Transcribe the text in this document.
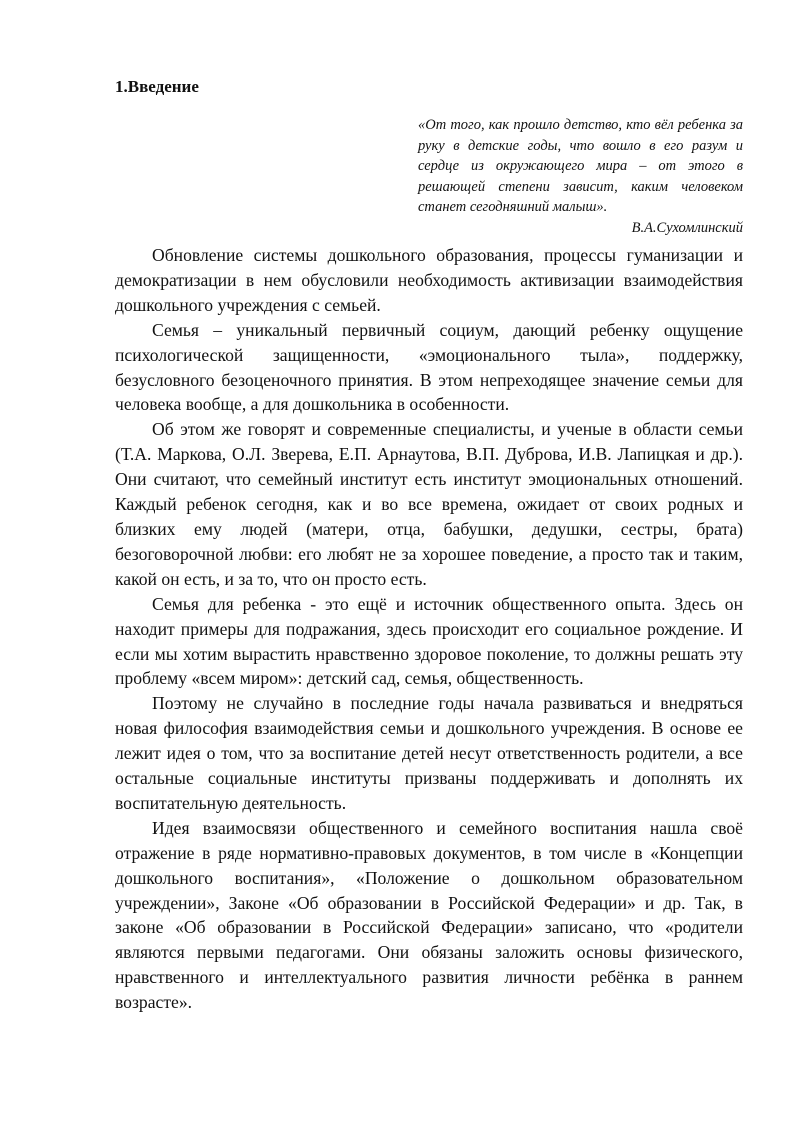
1.Введение

«От того, как прошло детство, кто вёл ребенка за руку в детские годы, что вошло в его разум и сердце из окружающего мира – от этого в решающей степени зависит, каким человеком станет сегодняшний малыш».

В.А.Сухомлинский

Обновление системы дошкольного образования, процессы гуманизации и демократизации в нем обусловили необходимость активизации взаимодействия дошкольного учреждения с семьей.

Семья – уникальный первичный социум, дающий ребенку ощущение психологической защищенности, «эмоционального тыла», поддержку, безусловного безоценочного принятия. В этом непреходящее значение семьи для человека вообще, а для дошкольника в особенности.

Об этом же говорят и современные специалисты, и ученые в области семьи (Т.А. Маркова, О.Л. Зверева, Е.П. Арнаутова, В.П. Дуброва, И.В. Лапицкая и др.). Они считают, что семейный институт есть институт эмоциональных отношений. Каждый ребенок сегодня, как и во все времена, ожидает от своих родных и близких ему людей (матери, отца, бабушки, дедушки, сестры, брата) безоговорочной любви: его любят не за хорошее поведение, а просто так и таким, какой он есть, и за то, что он просто есть.

Семья для ребенка - это ещё и источник общественного опыта. Здесь он находит примеры для подражания, здесь происходит его социальное рождение. И если мы хотим вырастить нравственно здоровое поколение, то должны решать эту проблему «всем миром»: детский сад, семья, общественность.

Поэтому не случайно в последние годы начала развиваться и внедряться новая философия взаимодействия семьи и дошкольного учреждения. В основе ее лежит идея о том, что за воспитание детей несут ответственность родители, а все остальные социальные институты призваны поддерживать и дополнять их воспитательную деятельность.

Идея взаимосвязи общественного и семейного воспитания нашла своё отражение в ряде нормативно-правовых документов, в том числе в «Концепции дошкольного воспитания», «Положение о дошкольном образовательном учреждении», Законе «Об образовании в Российской Федерации» и др. Так, в законе «Об образовании в Российской Федерации» записано, что «родители являются первыми педагогами. Они обязаны заложить основы физического, нравственного и интеллектуального развития личности ребёнка в раннем возрасте».
